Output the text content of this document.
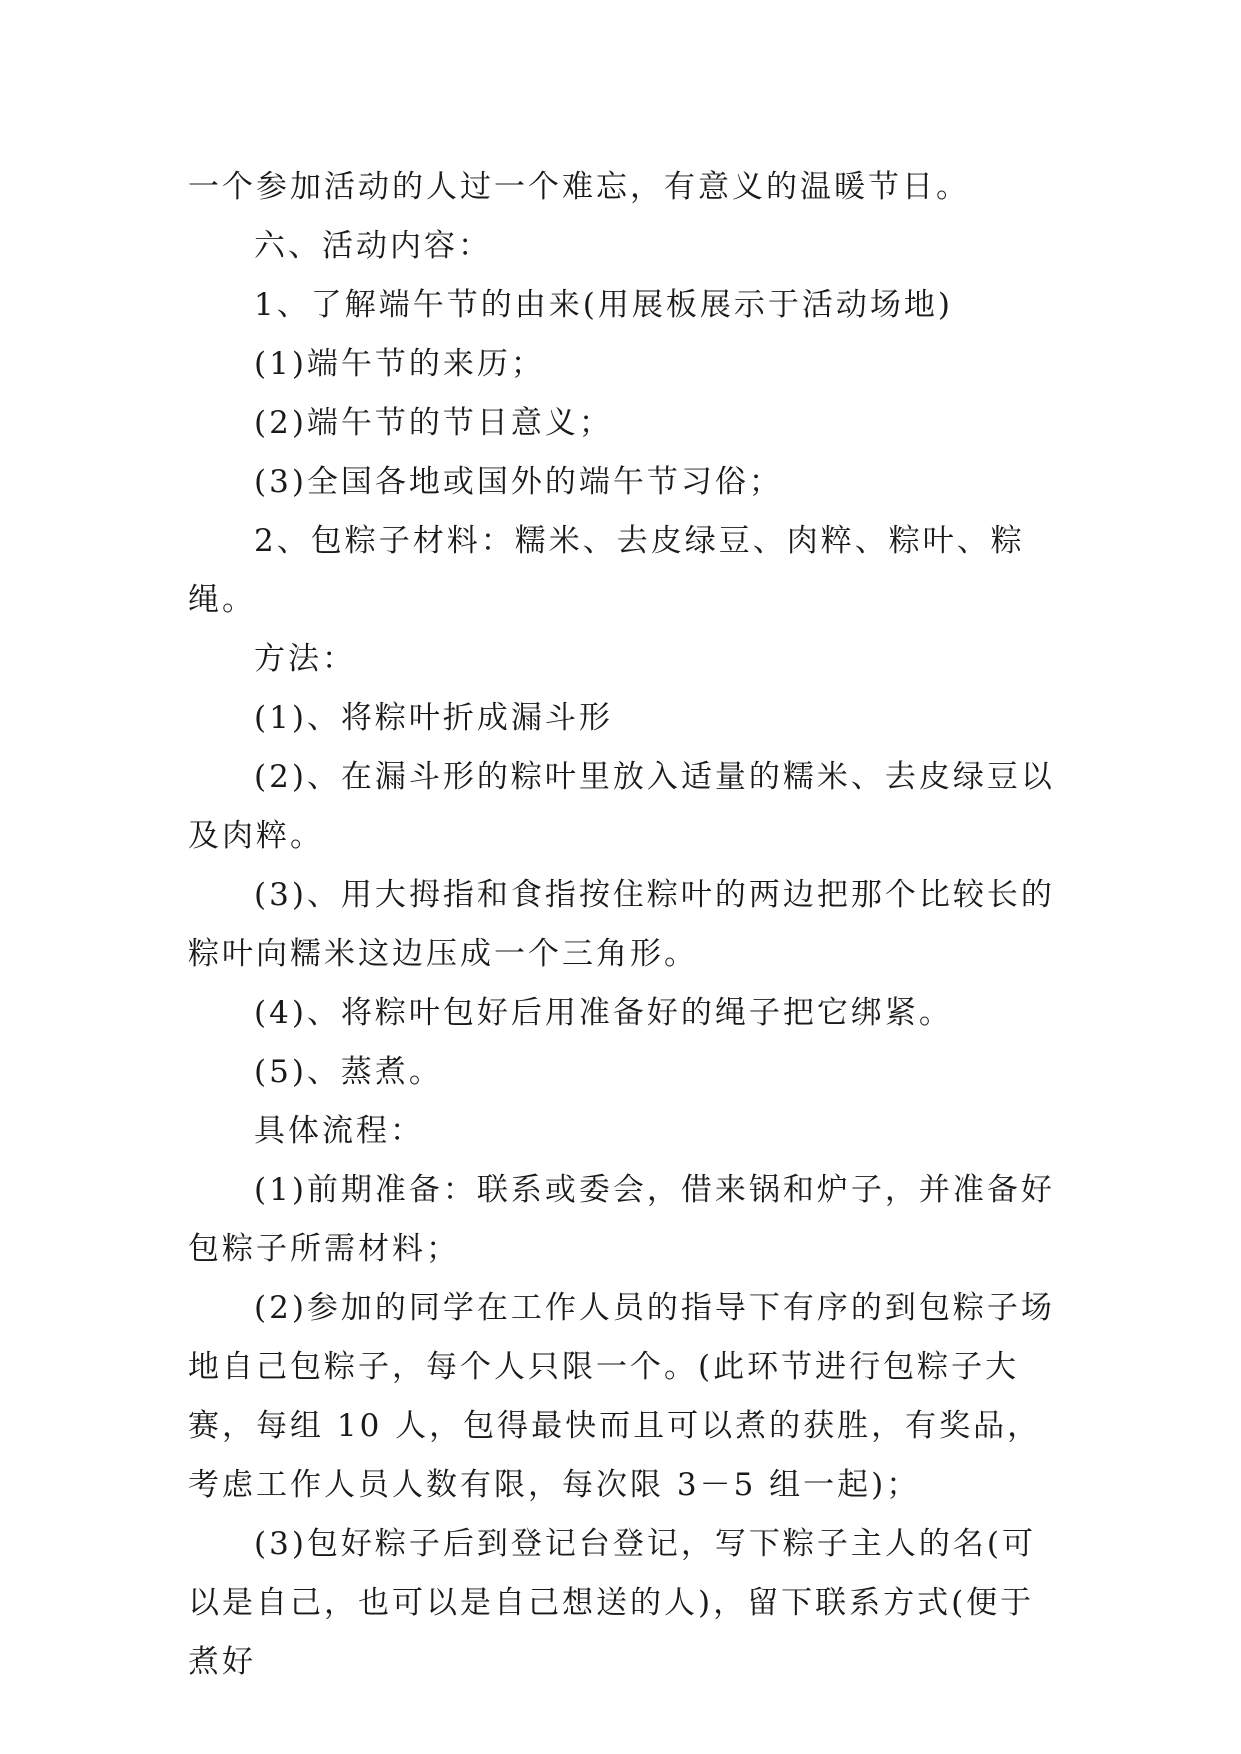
一个参加活动的人过一个难忘，有意义的温暖节日。

六、活动内容：

1、了解端午节的由来(用展板展示于活动场地)

(1)端午节的来历；

(2)端午节的节日意义；

(3)全国各地或国外的端午节习俗；

2、包粽子材料：糯米、去皮绿豆、肉粹、粽叶、粽绳。

方法：

(1)、将粽叶折成漏斗形

(2)、在漏斗形的粽叶里放入适量的糯米、去皮绿豆以及肉粹。

(3)、用大拇指和食指按住粽叶的两边把那个比较长的粽叶向糯米这边压成一个三角形。

(4)、将粽叶包好后用准备好的绳子把它绑紧。

(5)、蒸煮。

具体流程：

(1)前期准备：联系或委会，借来锅和炉子，并准备好包粽子所需材料；

(2)参加的同学在工作人员的指导下有序的到包粽子场地自己包粽子，每个人只限一个。(此环节进行包粽子大赛，每组 10 人，包得最快而且可以煮的获胜，有奖品，考虑工作人员人数有限，每次限 3－5 组一起)；

(3)包好粽子后到登记台登记，写下粽子主人的名(可以是自己，也可以是自己想送的人)，留下联系方式(便于煮好
